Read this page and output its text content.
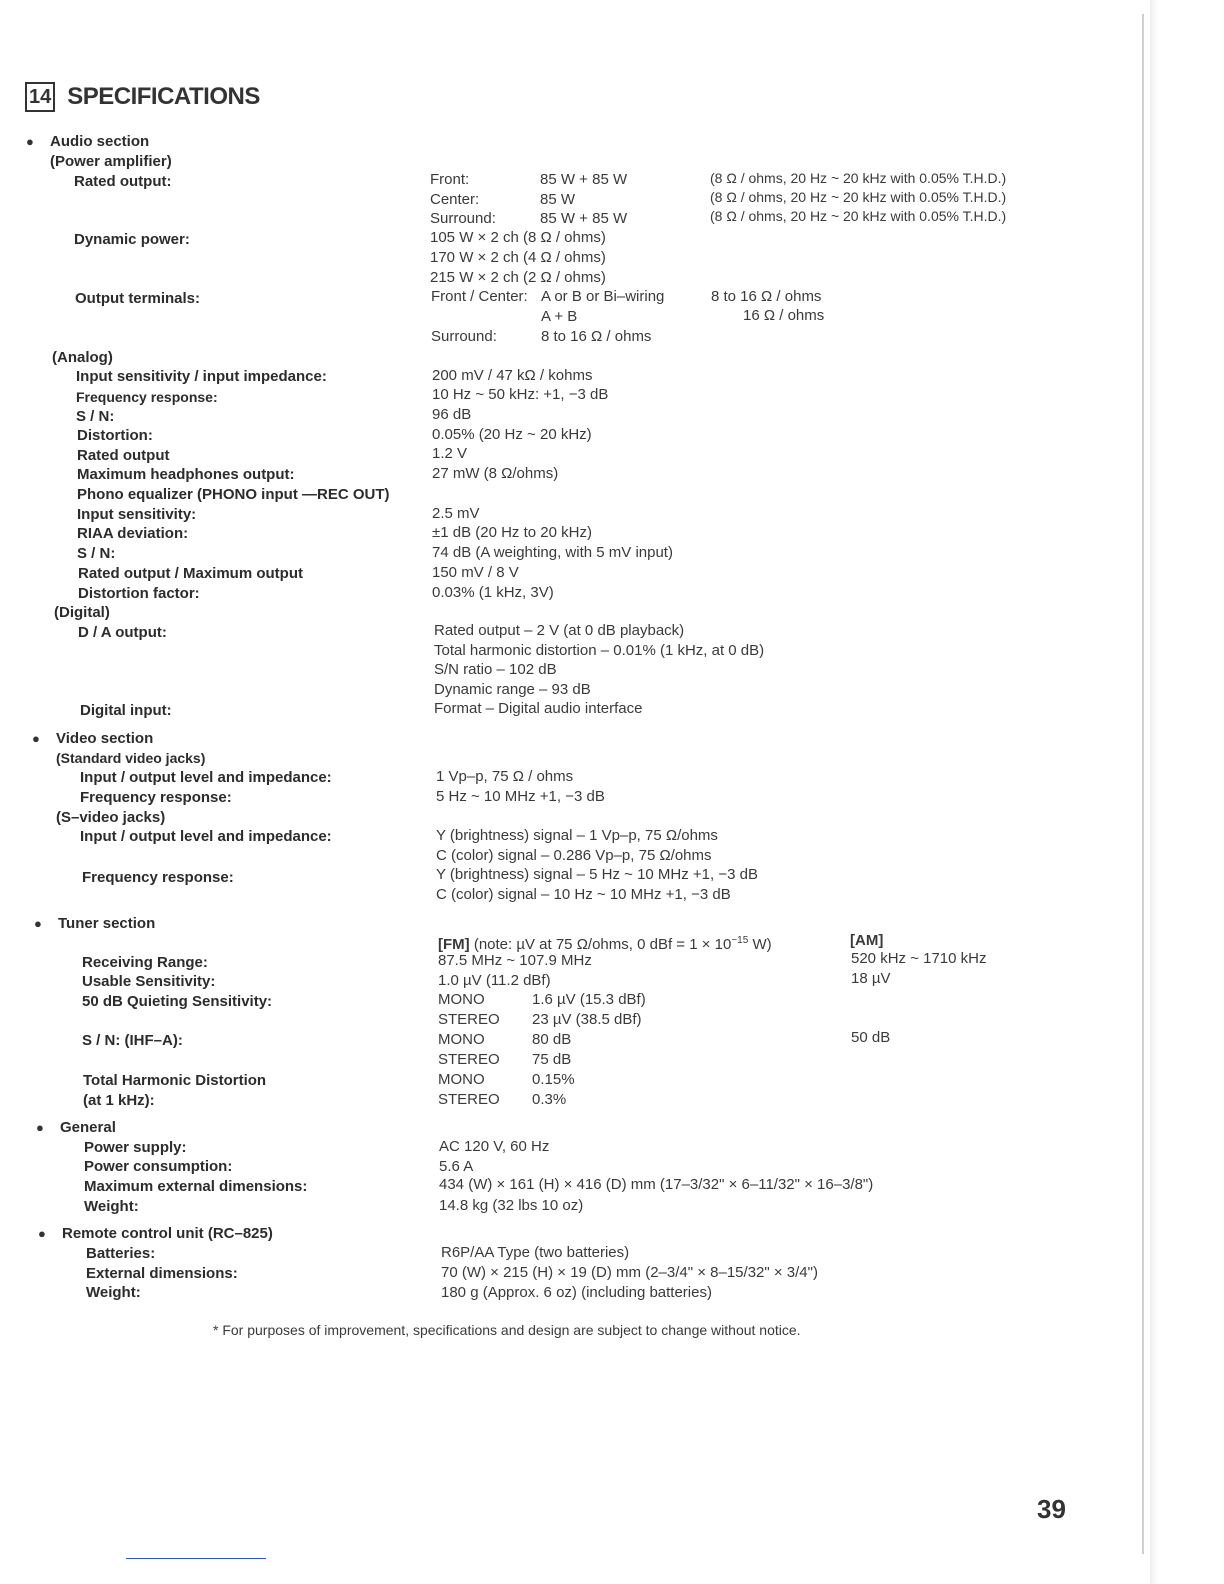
14 SPECIFICATIONS
● Audio section
(Power amplifier)
Rated output:	Front:	85 W + 85 W	(8 Ω / ohms, 20 Hz ~ 20 kHz with 0.05% T.H.D.)
Center:	85 W	(8 Ω / ohms, 20 Hz ~ 20 kHz with 0.05% T.H.D.)
Surround:	85 W + 85 W	(8 Ω / ohms, 20 Hz ~ 20 kHz with 0.05% T.H.D.)
Dynamic power:	105 W × 2 ch (8 Ω / ohms)
170 W × 2 ch (4 Ω / ohms)
215 W × 2 ch (2 Ω / ohms)
Output terminals:	Front / Center: A or B or Bi–wiring	8 to 16 Ω / ohms
A + B	16 Ω / ohms
Surround:	8 to 16 Ω / ohms
(Analog)
Input sensitivity / input impedance:	200 mV / 47 kΩ / kohms
Frequency response:	10 Hz ~ 50 kHz: +1, −3 dB
S / N:	96 dB
Distortion:	0.05% (20 Hz ~ 20 kHz)
Rated output	1.2 V
Maximum headphones output:	27 mW (8 Ω/ohms)
Phono equalizer (PHONO input —REC OUT)
Input sensitivity:	2.5 mV
RIAA deviation:	±1 dB (20 Hz to 20 kHz)
S / N:	74 dB (A weighting, with 5 mV input)
Rated output / Maximum output	150 mV / 8 V
Distortion factor:	0.03% (1 kHz, 3V)
(Digital)
D / A output:	Rated output – 2 V (at 0 dB playback)
Total harmonic distortion – 0.01% (1 kHz, at 0 dB)
S/N ratio – 102 dB
Dynamic range – 93 dB
Digital input:	Format – Digital audio interface
● Video section
(Standard video jacks)
Input / output level and impedance:	1 Vp–p, 75 Ω / ohms
Frequency response:	5 Hz ~ 10 MHz +1, −3 dB
(S–video jacks)
Input / output level and impedance:	Y (brightness) signal – 1 Vp–p, 75 Ω/ohms
C (color) signal – 0.286 Vp–p, 75 Ω/ohms
Frequency response:	Y (brightness) signal – 5 Hz ~ 10 MHz +1, −3 dB
C (color) signal – 10 Hz ~ 10 MHz +1, −3 dB
● Tuner section
[FM] (note: µV at 75 Ω/ohms, 0 dBf = $1 \times 10^{-15}$ W)	[AM]
Receiving Range:	87.5 MHz ~ 107.9 MHz	520 kHz ~ 1710 kHz
Usable Sensitivity:	1.0 µV (11.2 dBf)	18 µV
50 dB Quieting Sensitivity:	MONO	1.6 µV (15.3 dBf)
STEREO 23 µV (38.5 dBf)
S / N: (IHF–A):	MONO	80 dB	50 dB
STEREO 75 dB
Total Harmonic Distortion
(at 1 kHz):
MONO	0.15%
STEREO 0.3%
● General
Power supply:	AC 120 V, 60 Hz
Power consumption:	5.6 A
Maximum external dimensions:	434 (W) × 161 (H) × 416 (D) mm (17–3/32" × 6–11/32" × 16–3/8")
Weight:	14.8 kg (32 lbs 10 oz)
● Remote control unit (RC–825)
Batteries:	R6P/AA Type (two batteries)
External dimensions:	70 (W) × 215 (H) × 19 (D) mm (2–3/4" × 8–15/32" × 3/4")
Weight:	180 g (Approx. 6 oz) (including batteries)
* For purposes of improvement, specifications and design are subject to change without notice.
39
